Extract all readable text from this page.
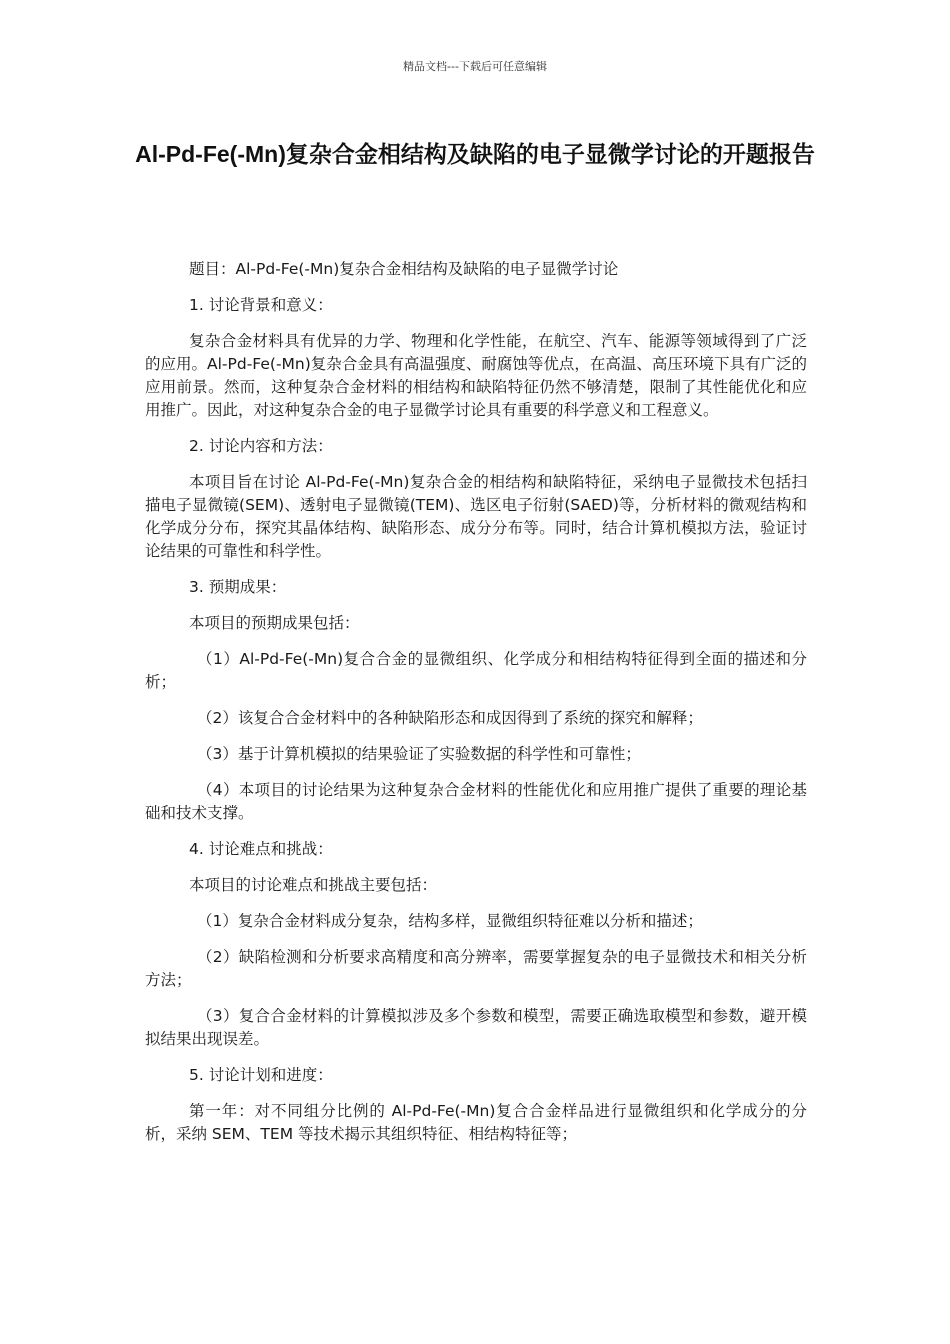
精品文档---下载后可任意编辑
Al-Pd-Fe(-Mn)复杂合金相结构及缺陷的电子显微学讨论的开题报告

题目：Al-Pd-Fe(-Mn)复杂合金相结构及缺陷的电子显微学讨论

1. 讨论背景和意义：

复杂合金材料具有优异的力学、物理和化学性能，在航空、汽车、能源等领域得到了广泛的应用。Al-Pd-Fe(-Mn)复杂合金具有高温强度、耐腐蚀等优点，在高温、高压环境下具有广泛的应用前景。然而，这种复杂合金材料的相结构和缺陷特征仍然不够清楚，限制了其性能优化和应用推广。因此，对这种复杂合金的电子显微学讨论具有重要的科学意义和工程意义。

2. 讨论内容和方法：

本项目旨在讨论 Al-Pd-Fe(-Mn)复杂合金的相结构和缺陷特征，采纳电子显微技术包括扫描电子显微镜(SEM)、透射电子显微镜(TEM)、选区电子衍射(SAED)等，分析材料的微观结构和化学成分分布，探究其晶体结构、缺陷形态、成分分布等。同时，结合计算机模拟方法，验证讨论结果的可靠性和科学性。

3. 预期成果：

本项目的预期成果包括：

（1）Al-Pd-Fe(-Mn)复合合金的显微组织、化学成分和相结构特征得到全面的描述和分析；

（2）该复合合金材料中的各种缺陷形态和成因得到了系统的探究和解释；

（3）基于计算机模拟的结果验证了实验数据的科学性和可靠性；

（4）本项目的讨论结果为这种复杂合金材料的性能优化和应用推广提供了重要的理论基础和技术支撑。

4. 讨论难点和挑战：

本项目的讨论难点和挑战主要包括：

（1）复杂合金材料成分复杂，结构多样，显微组织特征难以分析和描述；

（2）缺陷检测和分析要求高精度和高分辨率，需要掌握复杂的电子显微技术和相关分析方法；

（3）复合合金材料的计算模拟涉及多个参数和模型，需要正确选取模型和参数，避开模拟结果出现误差。

5. 讨论计划和进度：

第一年：对不同组分比例的 Al-Pd-Fe(-Mn)复合合金样品进行显微组织和化学成分的分析，采纳 SEM、TEM 等技术揭示其组织特征、相结构特征等；
